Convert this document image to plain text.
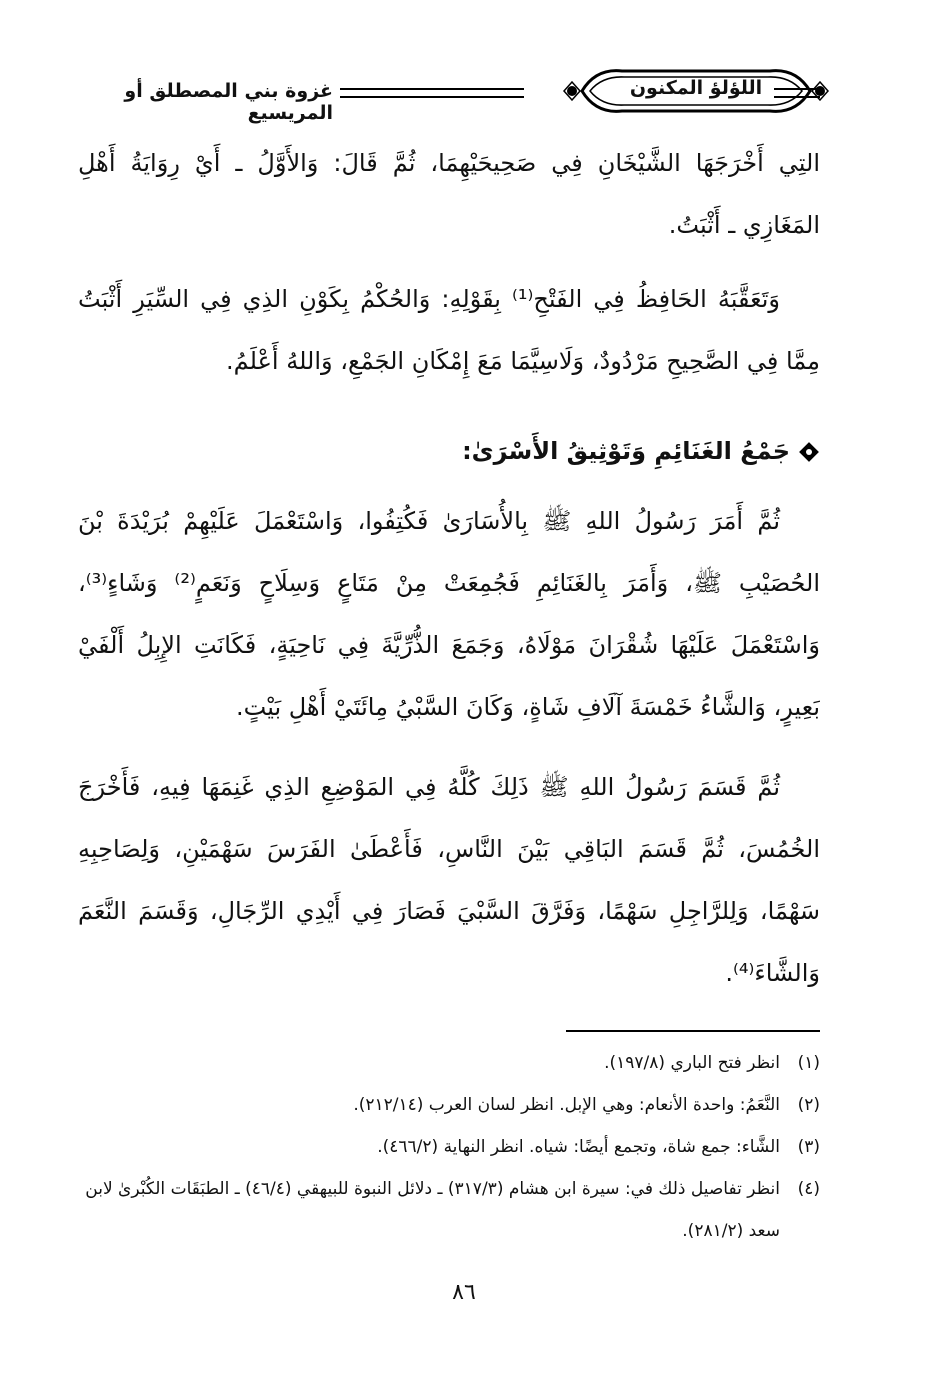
اللؤلؤ المكنون
غزوة بني المصطلق أو المريسيع
التِي أَخْرَجَهَا الشَّيْخَانِ فِي صَحِيحَيْهِمَا، ثُمَّ قَالَ: وَالأَوَّلُ ـ أَيْ رِوَايَةُ أَهْلِ
المَغَازِي ـ أَثْبَتُ.
وَتَعَقَّبَهُ الحَافِظُ فِي الفَتْحِ⁽¹⁾ بِقَوْلِهِ: وَالحُكْمُ بِكَوْنِ الذِي فِي السِّيَرِ أَثْبَتُ
مِمَّا فِي الصَّحِيحِ مَرْدُودٌ، وَلَاسِيَّمَا مَعَ إِمْكَانِ الجَمْعِ، وَاللهُ أَعْلَمُ.
جَمْعُ الغَنَائِمِ وَتَوْثِيقُ الأَسْرَىٰ:
ثُمَّ أَمَرَ رَسُولُ اللهِ ﷺ بِالأُسَارَىٰ فَكُتِفُوا، وَاسْتَعْمَلَ عَلَيْهِمْ بُرَيْدَةَ بْنَ
الحُصَيْبِ ﷺ، وَأَمَرَ بِالغَنَائِمِ فَجُمِعَتْ مِنْ مَتَاعٍ وَسِلَاحٍ وَنَعَمٍ⁽²⁾ وَشَاءٍ⁽³⁾،
وَاسْتَعْمَلَ عَلَيْهَا شُقْرَانَ مَوْلَاهُ، وَجَمَعَ الذُّرِّيَّةَ فِي نَاحِيَةٍ، فَكَانَتِ الإِبِلُ أَلْفَيْ
بَعِيرٍ، وَالشَّاءُ خَمْسَةَ آلَافِ شَاةٍ، وَكَانَ السَّبْيُ مِائَتَيْ أَهْلِ بَيْتٍ.
ثُمَّ قَسَمَ رَسُولُ اللهِ ﷺ ذَلِكَ كُلَّهُ فِي المَوْضِعِ الذِي غَنِمَهَا فِيهِ، فَأَخْرَجَ
الخُمُسَ، ثُمَّ قَسَمَ البَاقِي بَيْنَ النَّاسِ، فَأَعْطَىٰ الفَرَسَ سَهْمَيْنِ، وَلِصَاحِبِهِ
سَهْمًا، وَلِلرَّاجِلِ سَهْمًا، وَفَرَّقَ السَّبْيَ فَصَارَ فِي أَيْدِي الرِّجَالِ، وَقَسَمَ النَّعَمَ
وَالشَّاءَ⁽⁴⁾.
(١)
انظر فتح الباري (١٩٧/٨).
(٢)
النَّعَمُ: واحدة الأنعام: وهي الإبل. انظر لسان العرب (٢١٢/١٤).
(٣)
الشَّاء: جمع شاة، وتجمع أيضًا: شياه. انظر النهاية (٤٦٦/٢).
(٤)
انظر تفاصيل ذلك في: سيرة ابن هشام (٣١٧/٣) ـ دلائل النبوة للبيهقي (٤٦/٤) ـ الطبَقَات الكُبْرىٰ لابن سعد (٢٨١/٢).
٨٦
